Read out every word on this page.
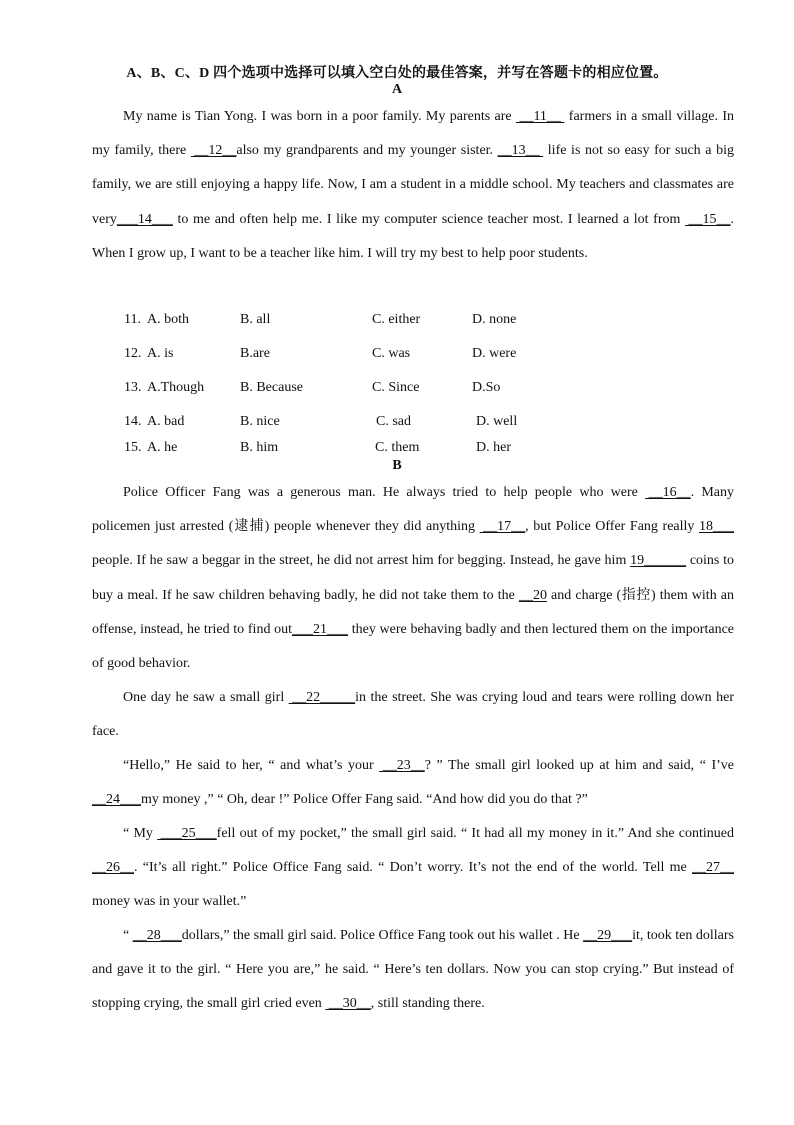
A、B、C、D 四个选项中选择可以填入空白处的最佳答案，并写在答题卡的相应位置。
A
My name is Tian Yong. I was born in a poor family. My parents are  __11__  farmers in a small village. In my family, there  __12__also my grandparents and my younger sister. __13__  life is not so easy for such a big family, we are still enjoying a happy life. Now, I am a student in a middle school. My teachers and classmates are very___14___ to me and often help me. I like my computer science teacher most. I learned a lot from  __15__. When I grow up, I want to be a teacher like him. I will try my best to help poor students.
11. A. both	B. all	C. either	D. none
12. A. is	B.are	C. was	D. were
13. A.Though	B. Because	C. Since	D.So
14. A. bad	B. nice	C. sad	D. well
15. A. he	B. him	C. them	D. her
B
Police Officer Fang was a generous man. He always tried to help people who were  __16__. Many policemen just arrested (逮捕) people whenever they did anything  __17__, but Police Offer Fang really 18___people. If he saw a beggar in the street, he did not arrest him for begging. Instead, he gave him 19______ coins to buy a meal. If he saw children behaving badly, he did not take them to the __20 and charge (指控) them with an offense, instead, he tried to find out___21___ they were behaving badly and then lectured them on the importance of good behavior.
One day he saw a small girl  __22_____in the street. She was crying loud and tears were rolling down her face.
“Hello,” He said to her, “ and what’s your  __23__? ” The small girl looked up at him and said, “ I’ve __24___my money ,” “ Oh, dear !” Police Offer Fang said. “And how did you do that ?”
“ My  ___25___fell out of my pocket,” the small girl said. “ It had all my money in it.” And she continued__26__. “It’s all right.” Police Office Fang said. “ Don’t worry. It’s not the end of the world. Tell me __27__ money was in your wallet.”
“ __28___dollars,” the small girl said. Police Office Fang took out his wallet . He __29___it, took ten dollars and gave it to the girl. “ Here you are,” he said. “ Here’s ten dollars. Now you can stop crying.” But instead of stopping crying, the small girl cried even  __30__, still standing there.
